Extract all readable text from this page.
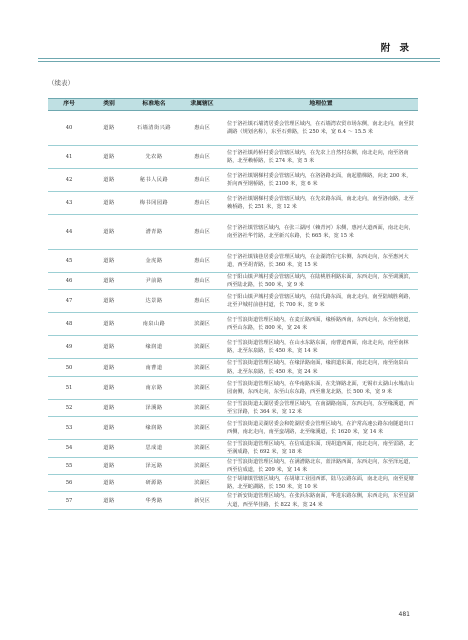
附 录
（续表）
序号	类别	标准地名	隶属辖区	地理位置
40	道路	石墙清街兴路	惠山区	位于洛社镇石墙湾居委会管理区域内，在石墙湾农贸市场东侧，南北走向，南至鼓湖路（规划名称），东至石弹路，长 250 米，宽 6.4 ～ 15.5 米
41	道路	先农路	惠山区	位于洛社镇药桥村委会管辖区域内，在先农上自然村东侧，南北走向，南至洛南路，北至赖桥路，长 274 米，宽 5 米
42	道路	秘书人民路	惠山区	位于洛社镇钢梯村委会管辖区域内，在洛洛路北面，南起腊梯路，向北 200 米，折向西至钢桥路，长 2100 米，宽 6 米
43	道路	梅书冈园路	惠山区	位于洛社镇钢梯村委会管辖区域内，在先农路东面，南北走向，南至洛南路，北至赖桥路，长 251 米，宽 12 米
44	道路	漕青路	惠山区	位于洛社镇管辖区域内，在张三湖河（赖青河）东侧，惠河大道西面，南北走向，南至洛社华竹路，北至新兴东路，长 665 米，宽 15 米
45	道路	金虎路	惠山区	位于洛社镇钱巷居委会管理区域内，在金湖湾住宅东侧，东西走向，东至惠河大道，西至胡青路，长 360 米，宽 15 米
46	道路	尹前路	惠山区	位于阳山镇尹城村委会管辖区域内，在陆桃胜利路东面，东西走向，东至调溪滨，西至陆北路，长 500 米，宽 9 米
47	道路	达景路	惠山区	位于阳山镇尹城村委会管辖区域内，在陆氏路东面，南北走向，南至陆城胜利路，北至尹城村前巷村道，长 700 米，宽 9 米
48	道路	南泉山路	滨湖区	位于雪浪街道管理区域内，在麦丘路西面，缘桥路西南，东西走向，东至南傍道，西至山东路，长 800 米，宽 24 米
49	道路	缘润道	滨湖区	位于雪浪街道管理区域内，在山水东路东面，南曹道西面，南北走向，南至南林路，北至东泉路，长 450 米，宽 14 米
50	道路	南曹道	滨湖区	位于雪浪街道管理区域内，在缘泽路南面，缘润道东面，南北走向，南至南泉山路，北至东泉路，长 450 米，宽 24 米
51	道路	南京路	滨湖区	位于雪浪街道管理区域内，在华南路东面，在先锋路北面，无锡市太湖山水城动山园南侧，东西走向，东至山东东路，西至鼎龙北路，长 500 米，宽 9 米
52	道路	泽溪路	滨湖区	位于雪浪街道太湖居委会管理区域内，在南湖路南面，东西走向，东至缘溪道，西至宝泽路，长 364 米，宽 12 米
53	道路	缘润路	滨湖区	位于雪浪街道灵湖居委会和乾湖居委会管理区域内，在沪常高速公路东南隧道出口西侧，南北走向，南至蛮胡路，北至缘溪道，长 1620 米，宽 14 米
54	道路	思成道	滨湖区	位于雪浪街道管理区域内，在信成道东面，现胡道西面，南北走向，南至雷路，北至满成路，长 692 米，宽 18 米
55	道路	泽远路	滨湖区	位于雪浪街道管理区域内，在满漕路北东，蓝泽路西面，东西走向，东至泽远道，西至信成道，长 209 米，宽 14 米
56	道路	研源路	滨湖区	位于胡埭镇管辖区域内，在胡埭工业园西部，陆马公路东面，南北走向，南至夏塘路，北至蛇湖路，长 150 米，宽 10 米
57	道路	华秀路	新吴区	位于新安街道管理区域内，在张浜东路南面，华进东路东侧，东西走向，东至星湖大道，西至华佳路，长 822 米，宽 24 米
481
